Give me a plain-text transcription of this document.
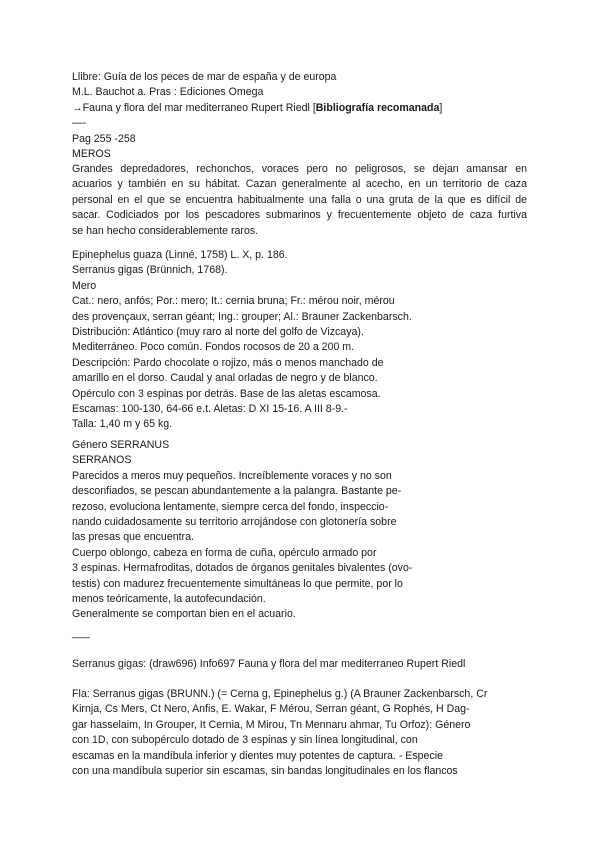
Llibre: Guía de los peces de mar de españa y de europa
M.L. Bauchot a. Pras : Ediciones Omega
→Fauna y flora del mar mediterraneo Rupert Riedl [Bibliografía recomanada]
—-
Pag 255 -258
MEROS
Grandes depredadores, rechonchos, voraces pero no peligrosos, se dejan amansar en
acuarios y también en su hábitat. Cazan generalmente al acecho, en un territorio de caza
personal en el que se encuentra habitualmente una falla o una gruta de la que es difícil de
sacar. Codiciados por los pescadores submarinos y frecuentemente objeto de caza furtiva
se han hecho considerablemente raros.
Epinephelus guaza (Linné, 1758) L. X, p. 186.
Serranus gigas (Brünnich, 1768).
Mero
Cat.: nero, anfós; Por.: mero; It.: cernia bruna; Fr.: mérou noir, mérou
des provençaux, serran géant; Ing.: grouper; Al.: Brauner Zackenbarsch.
Distribución: Atlántico (muy raro al norte del golfo de Vizcaya).
Mediterráneo. Poco común. Fondos rocosos de 20 a 200 m.
Descripción: Pardo chocolate o rojizo, más o menos manchado de
amarillo en el dorso. Caudal y anal orladas de negro y de blanco.
Opérculo con 3 espinas por detrás. Base de las aletas escamosa.
Escamas: 100-130, 64-66 e.t. Aletas: D XI 15-16. A III 8-9.-
Talla: 1,40 m y 65 kg.
Género SERRANUS
SERRANOS
Parecidos a meros muy pequeños. Increíblemente voraces y no son
desconfiados, se pescan abundantemente a la palangra. Bastante pe-
rezoso, evoluciona lentamente, siempre cerca del fondo, inspeccio-
nando cuidadosamente su territorio arrojándose con glotonería sobre
las presas que encuentra.
Cuerpo oblongo, cabeza en forma de cuña, opérculo armado por
3 espinas. Hermafroditas, dotados de órganos genitales bivalentes (ovo-
testis) con madurez frecuentemente simultáneas lo que permite, por lo
menos teóricamente, la autofecundación.
Generalmente se comportan bien en el acuario.
___
Serranus gigas: (draw696) Info697 Fauna y flora del mar mediterraneo Rupert Riedl
Fla: Serranus gigas (BRUNN.) (= Cerna g, Epinephelus g.) (A Brauner Zackenbarsch, Cr
Kirnja, Cs Mers, Ct Nero, Anfis, E. Wakar, F Mérou, Serran géant, G Rophés, H Dag-
gar hasselaim, In Grouper, It Cernia, M Mirou, Tn Mennaru ahmar, Tu Orfoz): Género
con 1D, con subopérculo dotado de 3 espinas y sin línea longitudinal, con
escamas en la mandíbula inferior y dientes muy potentes de captura. - Especie
con una mandíbula superior sin escamas, sin bandas longitudinales en los flancos
